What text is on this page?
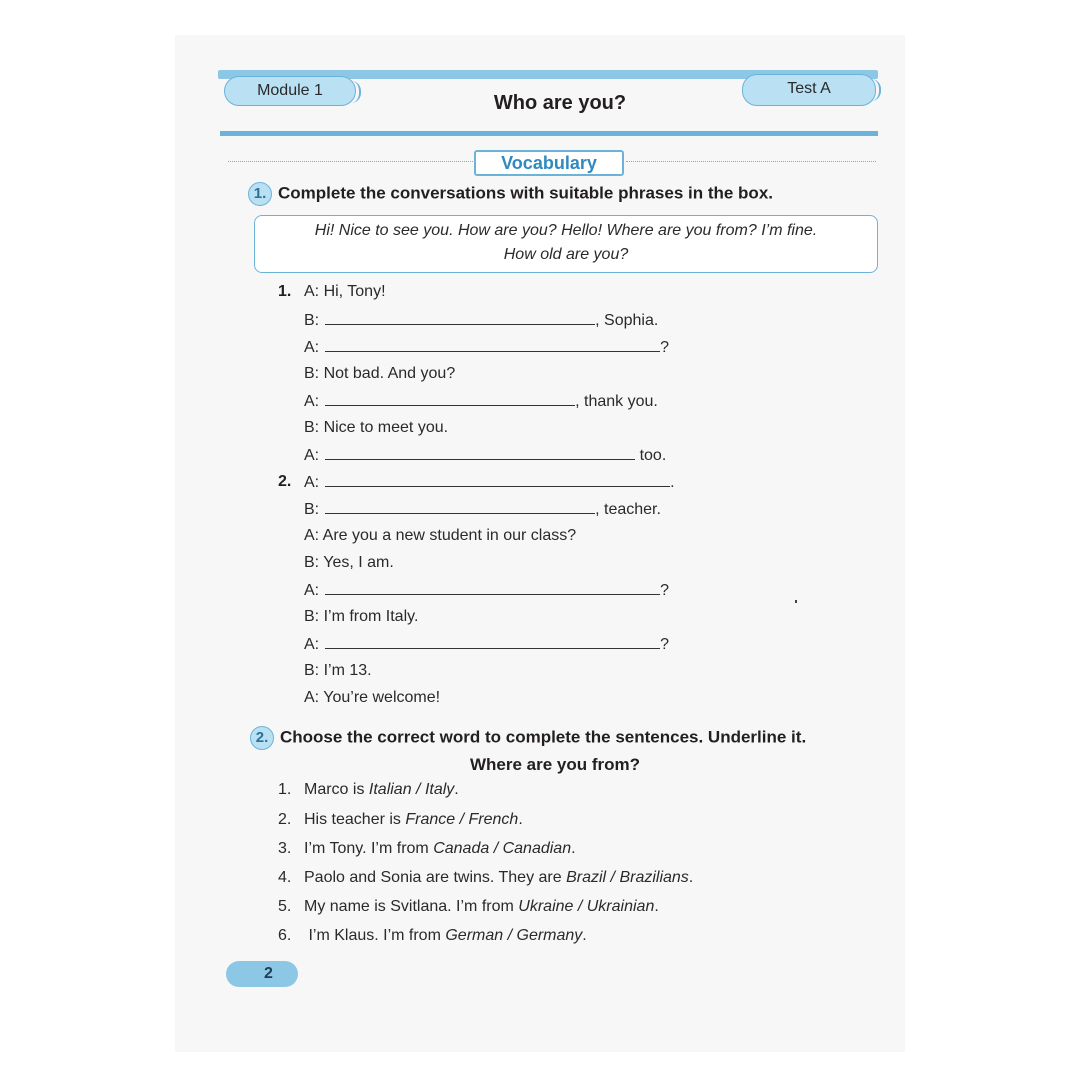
Module 1	Test A
Who are you?
Vocabulary
1. Complete the conversations with suitable phrases in the box.
Hi! Nice to see you. How are you? Hello! Where are you from? I’m fine.
How old are you?
1. A: Hi, Tony!
B:	, Sophia.
A:	?
B: Not bad. And you?
A:	, thank you.
B: Nice to meet you.
A:	too.
2. A:	.
B:	, teacher.
A: Are you a new student in our class?
B: Yes, I am.
A:	?
B: I’m from Italy.
A:	?
B: I’m 13.
A: You’re welcome!
2. Choose the correct word to complete the sentences. Underline it.
Where are you from?
1. Marco is Italian / Italy.
2. His teacher is France / French.
3. I’m Tony. I’m from Canada / Canadian.
4. Paolo and Sonia are twins. They are Brazil / Brazilians.
5. My name is Svitlana. I’m from Ukraine / Ukrainian.
6. I’m Klaus. I’m from German / Germany.
2
